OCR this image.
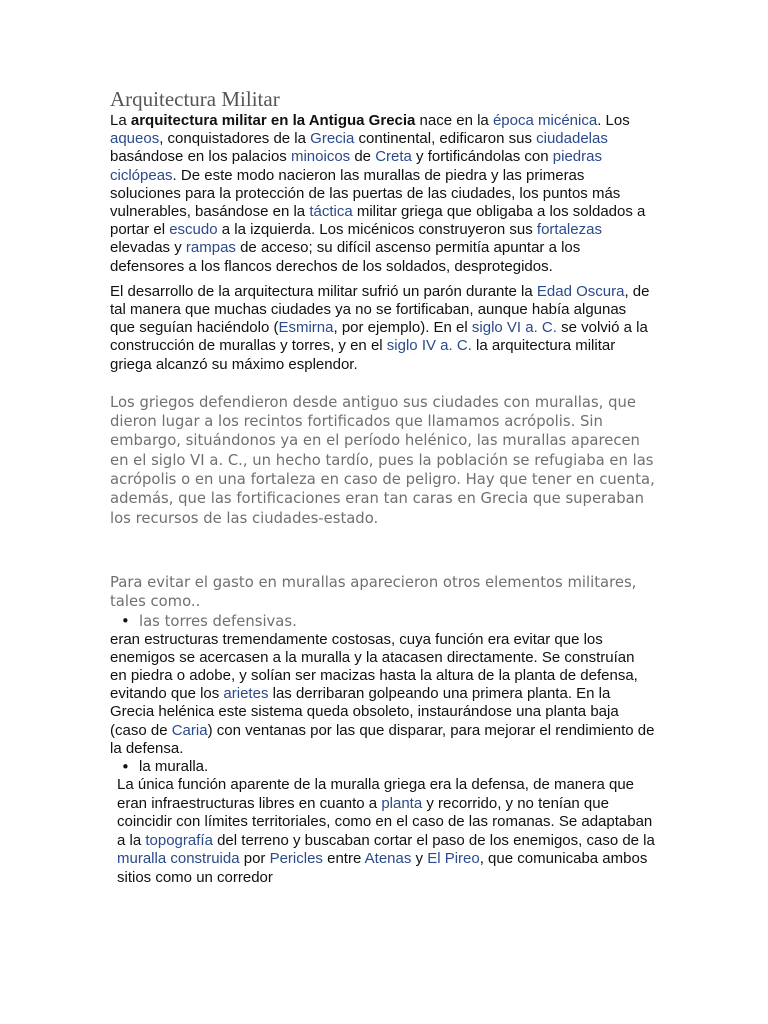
Arquitectura Militar

La arquitectura militar en la Antigua Grecia nace en la época micénica. Los aqueos, conquistadores de la Grecia continental, edificaron sus ciudadelas basándose en los palacios minoicos de Creta y fortificándolas con piedras ciclópeas. De este modo nacieron las murallas de piedra y las primeras soluciones para la protección de las puertas de las ciudades, los puntos más vulnerables, basándose en la táctica militar griega que obligaba a los soldados a portar el escudo a la izquierda. Los micénicos construyeron sus fortalezas elevadas y rampas de acceso; su difícil ascenso permitía apuntar a los defensores a los flancos derechos de los soldados, desprotegidos.

El desarrollo de la arquitectura militar sufrió un parón durante la Edad Oscura, de tal manera que muchas ciudades ya no se fortificaban, aunque había algunas que seguían haciéndolo (Esmirna, por ejemplo). En el siglo VI a. C. se volvió a la construcción de murallas y torres, y en el siglo IV a. C. la arquitectura militar griega alcanzó su máximo esplendor.

Los griegos defendieron desde antiguo sus ciudades con murallas, que dieron lugar a los recintos fortificados que llamamos acrópolis. Sin embargo, situándonos ya en el período helénico, las murallas aparecen en el siglo VI a. C., un hecho tardío, pues la población se refugiaba en las acrópolis o en una fortaleza en caso de peligro. Hay que tener en cuenta, además, que las fortificaciones eran tan caras en Grecia que superaban los recursos de las ciudades-estado.

Para evitar el gasto en murallas aparecieron otros elementos militares, tales como..

• las torres defensivas.

eran estructuras tremendamente costosas, cuya función era evitar que los enemigos se acercasen a la muralla y la atacasen directamente. Se construían en piedra o adobe, y solían ser macizas hasta la altura de la planta de defensa, evitando que los arietes las derribaran golpeando una primera planta. En la Grecia helénica este sistema queda obsoleto, instaurándose una planta baja (caso de Caria) con ventanas por las que disparar, para mejorar el rendimiento de la defensa.

• la muralla.

La única función aparente de la muralla griega era la defensa, de manera que eran infraestructuras libres en cuanto a planta y recorrido, y no tenían que coincidir con límites territoriales, como en el caso de las romanas. Se adaptaban a la topografía del terreno y buscaban cortar el paso de los enemigos, caso de la muralla construida por Pericles entre Atenas y El Pireo, que comunicaba ambos sitios como un corredor
